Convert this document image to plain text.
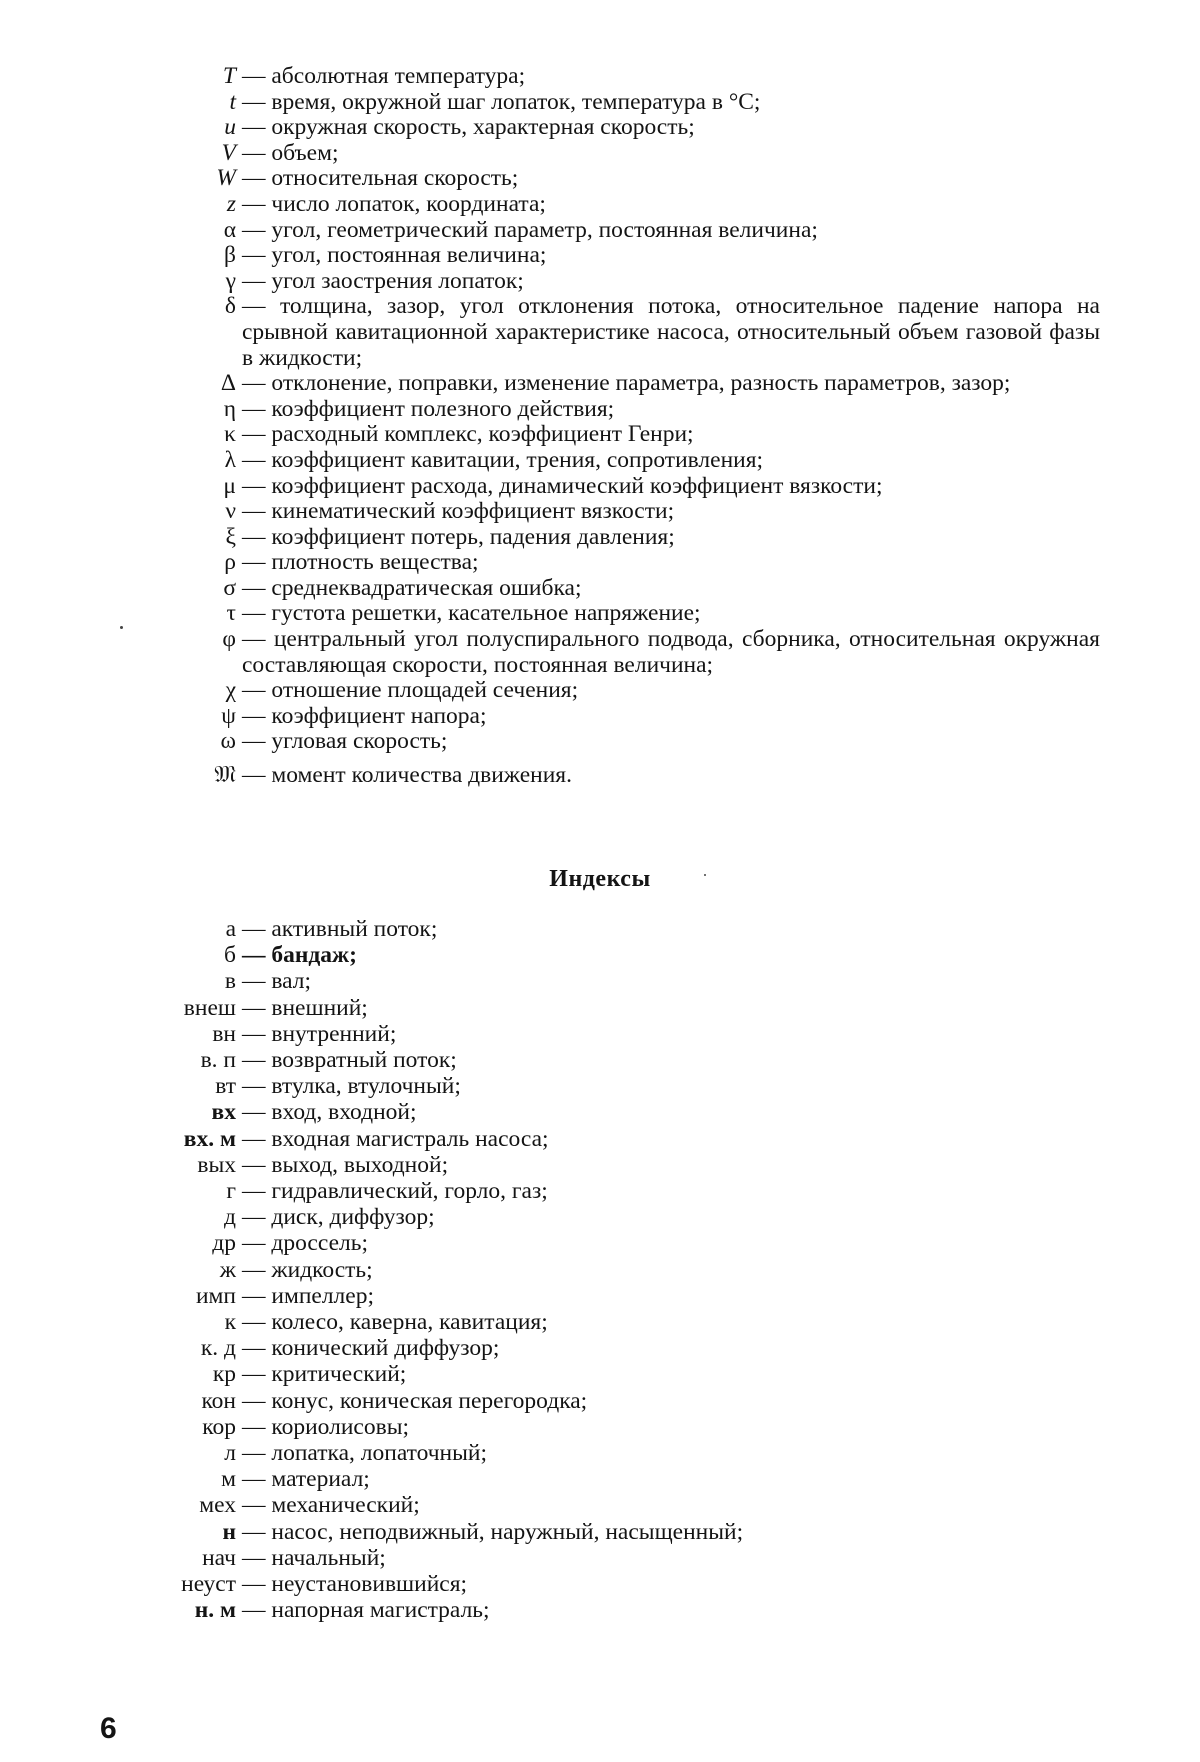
T — абсолютная температура;
t — время, окружной шаг лопаток, температура в °С;
u — окружная скорость, характерная скорость;
V — объем;
W — относительная скорость;
z — число лопаток, координата;
α — угол, геометрический параметр, постоянная величина;
β — угол, постоянная величина;
γ — угол заострения лопаток;
δ — толщина, зазор, угол отклонения потока, относительное падение напора на срывной кавитационной характеристике насоса, относительный объем газовой фазы в жидкости;
Δ — отклонение, поправки, изменение параметра, разность параметров, зазор;
η — коэффициент полезного действия;
κ — расходный комплекс, коэффициент Генри;
λ — коэффициент кавитации, трения, сопротивления;
μ — коэффициент расхода, динамический коэффициент вязкости;
ν — кинематический коэффициент вязкости;
ξ — коэффициент потерь, падения давления;
ρ — плотность вещества;
σ — среднеквадратическая ошибка;
τ — густота решетки, касательное напряжение;
φ — центральный угол полуспирального подвода, сборника, относительная окружная составляющая скорости, постоянная величина;
χ — отношение площадей сечения;
ψ — коэффициент напора;
ω — угловая скорость;
𝔐 — момент количества движения.
Индексы
а — активный поток;
б — бандаж;
в — вал;
внеш — внешний;
вн — внутренний;
в. п — возвратный поток;
вт — втулка, втулочный;
вх — вход, входной;
вх. м — входная магистраль насоса;
вых — выход, выходной;
г — гидравлический, горло, газ;
д — диск, диффузор;
др — дроссель;
ж — жидкость;
имп — импеллер;
к — колесо, каверна, кавитация;
к. д — конический диффузор;
кр — критический;
кон — конус, коническая перегородка;
кор — кориолисовы;
л — лопатка, лопаточный;
м — материал;
мех — механический;
н — насос, неподвижный, наружный, насыщенный;
нач — начальный;
неуст — неустановившийся;
н. м — напорная магистраль;
6
